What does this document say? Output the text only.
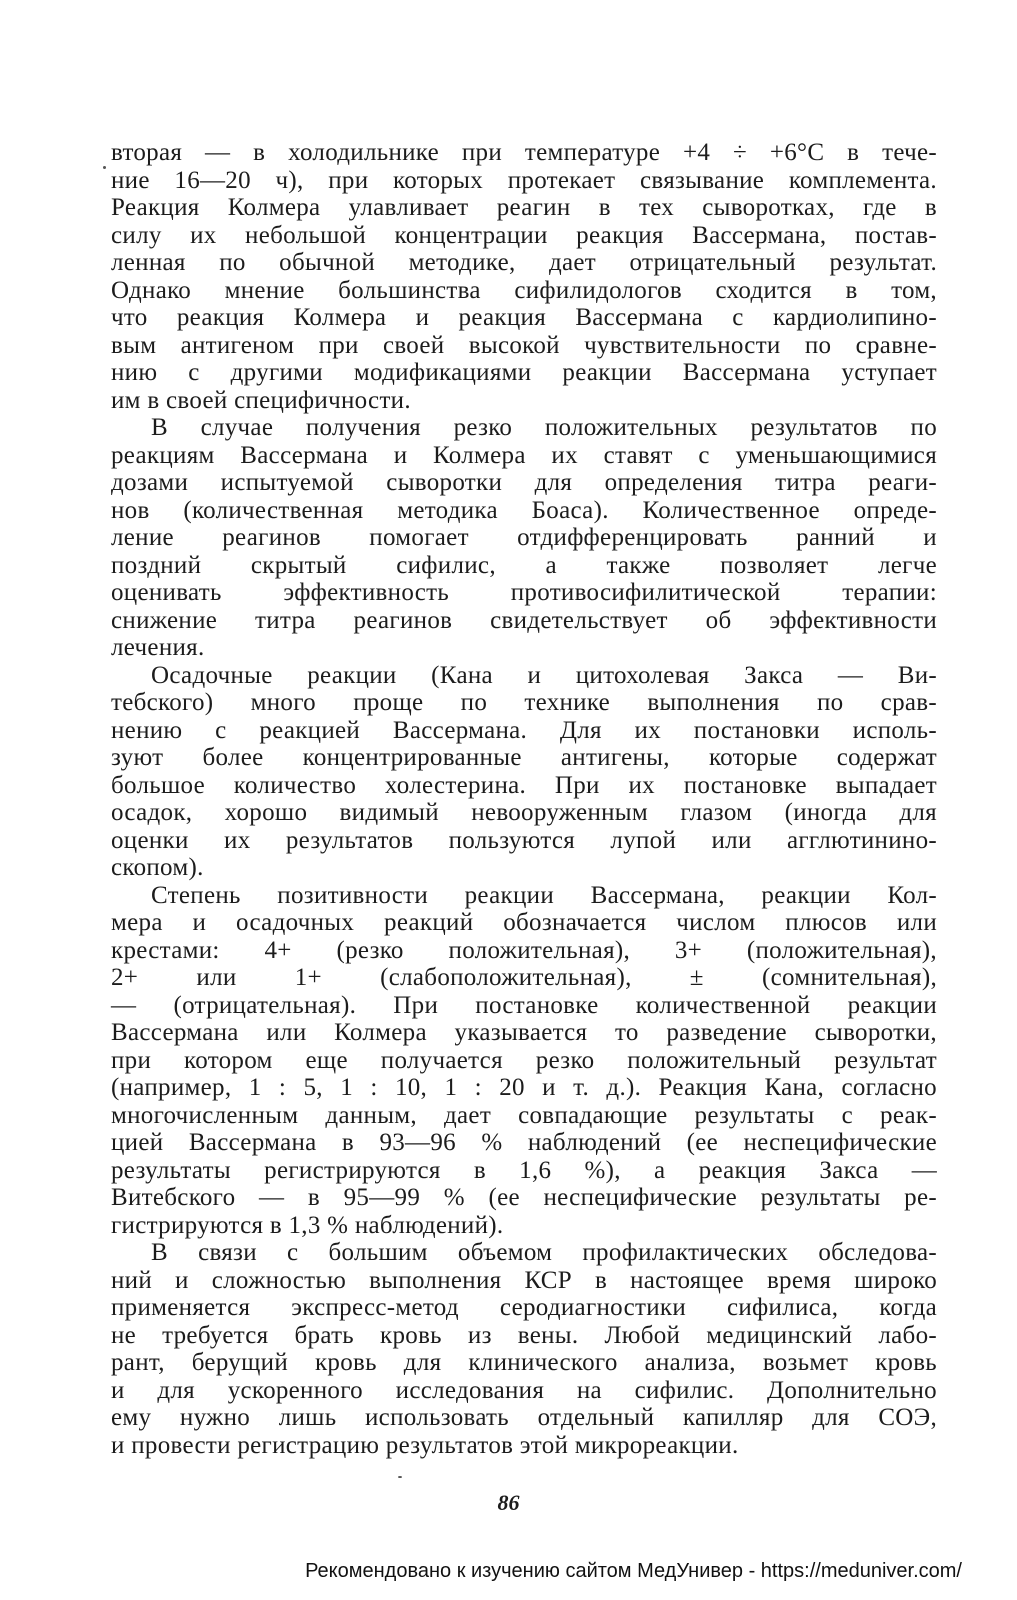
вторая — в холодильнике при температуре +4 ÷ +6°С в тече-
ние 16—20 ч), при которых протекает связывание комплемента.
Реакция Колмера улавливает реагин в тех сыворотках, где в
силу их небольшой концентрации реакция Вассермана, постав-
ленная по обычной методике, дает отрицательный результат.
Однако мнение большинства сифилидологов сходится в том,
что реакция Колмера и реакция Вассермана с кардиолипино-
вым антигеном при своей высокой чувствительности по сравне-
нию с другими модификациями реакции Вассермана уступает
им в своей специфичности.
В случае получения резко положительных результатов по
реакциям Вассермана и Колмера их ставят с уменьшающимися
дозами испытуемой сыворотки для определения титра реаги-
нов (количественная методика Боаса). Количественное опреде-
ление реагинов помогает отдифференцировать ранний и
поздний скрытый сифилис, а также позволяет легче
оценивать эффективность противосифилитической терапии:
снижение титра реагинов свидетельствует об эффективности
лечения.
Осадочные реакции (Кана и цитохолевая Закса — Ви-
тебского) много проще по технике выполнения по срав-
нению с реакцией Вассермана. Для их постановки исполь-
зуют более концентрированные антигены, которые содержат
большое количество холестерина. При их постановке выпадает
осадок, хорошо видимый невооруженным глазом (иногда для
оценки их результатов пользуются лупой или агглютинино-
скопом).
Степень позитивности реакции Вассермана, реакции Кол-
мера и осадочных реакций обозначается числом плюсов или
крестами: 4+ (резко положительная), 3+ (положительная),
2+ или 1+ (слабоположительная), ± (сомнительная),
— (отрицательная). При постановке количественной реакции
Вассермана или Колмера указывается то разведение сыворотки,
при котором еще получается резко положительный результат
(например, 1 : 5, 1 : 10, 1 : 20 и т. д.). Реакция Кана, согласно
многочисленным данным, дает совпадающие результаты с реак-
цией Вассермана в 93—96 % наблюдений (ее неспецифические
результаты регистрируются в 1,6 %), а реакция Закса —
Витебского — в 95—99 % (ее неспецифические результаты ре-
гистрируются в 1,3 % наблюдений).
В связи с большим объемом профилактических обследова-
ний и сложностью выполнения КСР в настоящее время широко
применяется экспресс-метод серодиагностики сифилиса, когда
не требуется брать кровь из вены. Любой медицинский лабо-
рант, берущий кровь для клинического анализа, возьмет кровь
и для ускоренного исследования на сифилис. Дополнительно
ему нужно лишь использовать отдельный капилляр для СОЭ,
и провести регистрацию результатов этой микрореакции.
86
Рекомендовано к изучению сайтом МедУнивер - https://meduniver.com/
